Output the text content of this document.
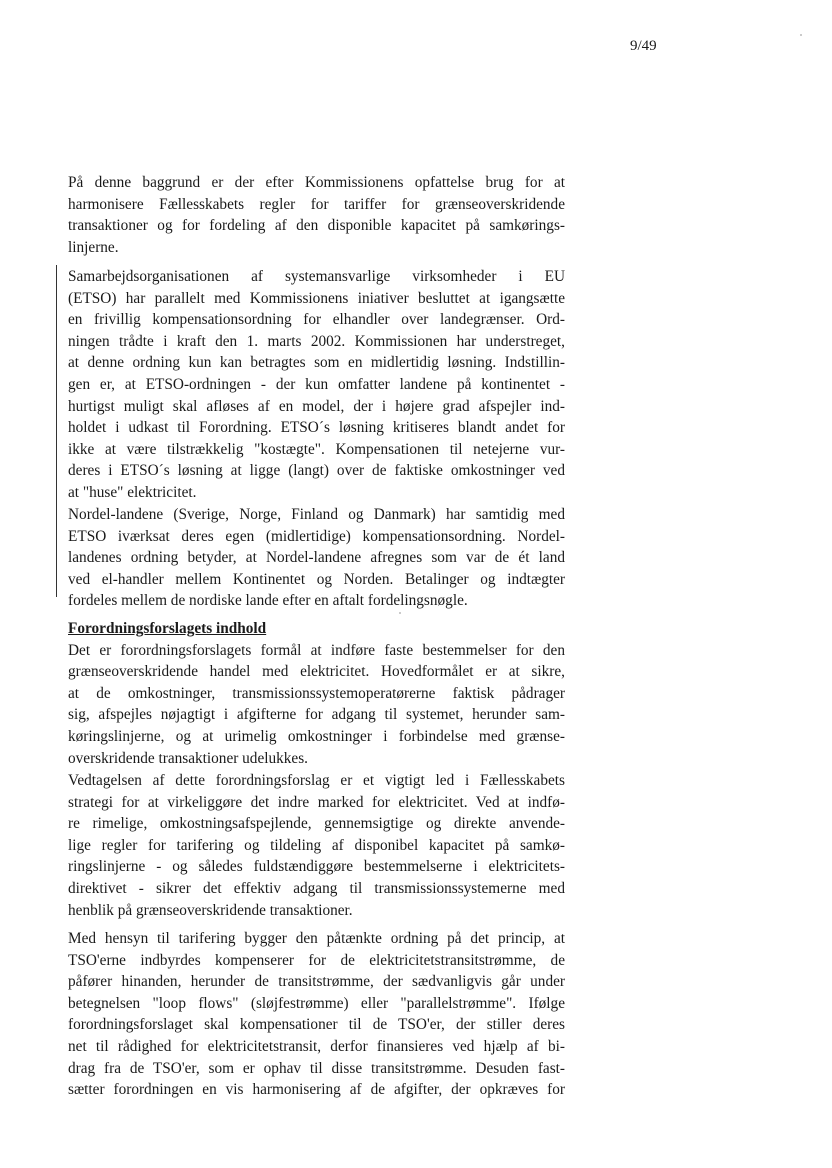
9/49
På denne baggrund er der efter Kommissionens opfattelse brug for at
harmonisere Fællesskabets regler for tariffer for grænseoverskridende
transaktioner og for fordeling af den disponible kapacitet på samkørings-
linjerne.
Samarbejdsorganisationen af systemansvarlige virksomheder i EU
(ETSO) har parallelt med Kommissionens iniativer besluttet at igangsætte
en frivillig kompensationsordning for elhandler over landegrænser. Ord-
ningen trådte i kraft den 1. marts 2002. Kommissionen har understreget,
at denne ordning kun kan betragtes som en midlertidig løsning. Indstillin-
gen er, at ETSO-ordningen - der kun omfatter landene på kontinentet -
hurtigst muligt skal afløses af en model, der i højere grad afspejler ind-
holdet i udkast til Forordning. ETSO´s løsning kritiseres blandt andet for
ikke at være tilstrækkelig "kostægte". Kompensationen til netejerne vur-
deres i ETSO´s løsning at ligge (langt) over de faktiske omkostninger ved
at "huse" elektricitet.
Nordel-landene (Sverige, Norge, Finland og Danmark) har samtidig med
ETSO iværksat deres egen (midlertidige) kompensationsordning. Nordel-
landenes ordning betyder, at Nordel-landene afregnes som var de ét land
ved el-handler mellem Kontinentet og Norden. Betalinger og indtægter
fordeles mellem de nordiske lande efter en aftalt fordelingsnøgle.
Forordningsforslagets indhold
Det er forordningsforslagets formål at indføre faste bestemmelser for den
grænseoverskridende handel med elektricitet. Hovedformålet er at sikre,
at de omkostninger, transmissionssystemoperatørerne faktisk pådrager
sig, afspejles nøjagtigt i afgifterne for adgang til systemet, herunder sam-
køringslinjerne, og at urimelig omkostninger i forbindelse med grænse-
overskridende transaktioner udelukkes.
Vedtagelsen af dette forordningsforslag er et vigtigt led i Fællesskabets
strategi for at virkeliggøre det indre marked for elektricitet. Ved at indfø-
re rimelige, omkostningsafspejlende, gennemsigtige og direkte anvende-
lige regler for tarifering og tildeling af disponibel kapacitet på samkø-
ringslinjerne - og således fuldstændiggøre bestemmelserne i elektricitets-
direktivet - sikrer det effektiv adgang til transmissionssystemerne med
henblik på grænseoverskridende transaktioner.
Med hensyn til tarifering bygger den påtænkte ordning på det princip, at
TSO'erne indbyrdes kompenserer for de elektricitetstransitstrømme, de
påfører hinanden, herunder de transitstrømme, der sædvanligvis går under
betegnelsen "loop flows" (sløjfestrømme) eller "parallelstrømme". Ifølge
forordningsforslaget skal kompensationer til de TSO'er, der stiller deres
net til rådighed for elektricitetstransit, derfor finansieres ved hjælp af bi-
drag fra de TSO'er, som er ophav til disse transitstrømme. Desuden fast-
sætter forordningen en vis harmonisering af de afgifter, der opkræves for
